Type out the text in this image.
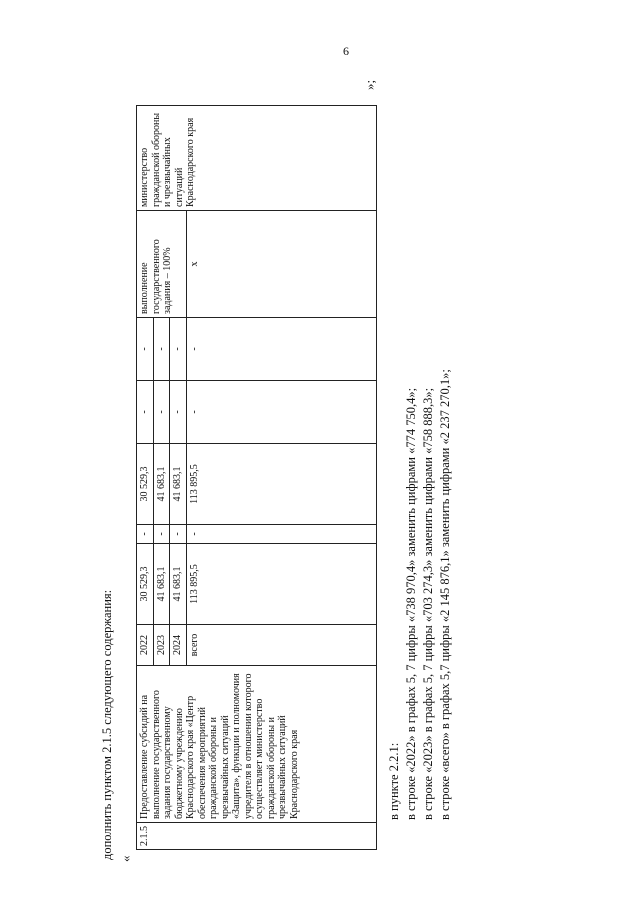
6
дополнить пунктом 2.1.5 следующего содержания: «
2.1.5	Предоставление субсидий на выполнение государственного задания государственному бюджетному учреждению Краснодарского края «Центр обеспечения мероприятий гражданской обороны и чрезвычайных ситуаций «Защита», функции и полномочия учредителя в отношении которого осуществляет министерство гражданской обороны и чрезвычайных ситуаций Краснодарского края	2022	30 529,3	-	30 529,3	-	-	выполнение государственного задания – 100%	министерство гражданской обороны и чрезвычайных ситуаций Краснодарского края
		2023	41 683,1	-	41 683,1	-	-		
		2024	41 683,1	-	41 683,1	-	-		
		всего	113 895,5	-	113 895,5	-	-	х	
»;
в пункте 2.2.1: в строке «2022» в графах 5, 7 цифры «738 970,4» заменить цифрами «774 750,4»; в строке «2023» в графах 5, 7 цифры «703 274,3» заменить цифрами «758 888,3»; в строке «всего» в графах 5,7 цифры «2 145 876,1» заменить цифрами «2 237 270,1»;
